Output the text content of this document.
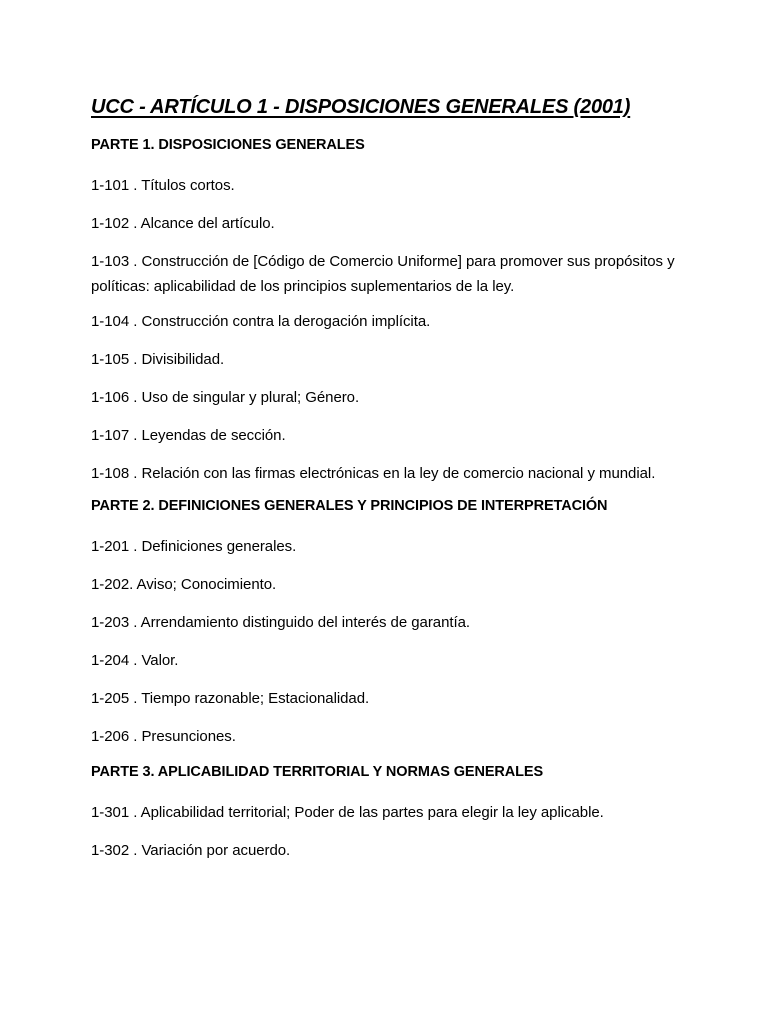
UCC - ARTÍCULO 1 - DISPOSICIONES GENERALES (2001)
PARTE 1. DISPOSICIONES GENERALES
1-101 . Títulos cortos.
1-102 . Alcance del artículo.
1-103 . Construcción de [Código de Comercio Uniforme] para promover sus propósitos y políticas: aplicabilidad de los principios suplementarios de la ley.
1-104 . Construcción contra la derogación implícita.
1-105 . Divisibilidad.
1-106 . Uso de singular y plural; Género.
1-107 . Leyendas de sección.
1-108 . Relación con las firmas electrónicas en la ley de comercio nacional y mundial.
PARTE 2. DEFINICIONES GENERALES Y PRINCIPIOS DE INTERPRETACIÓN
1-201 . Definiciones generales.
1-202. Aviso; Conocimiento.
1-203 . Arrendamiento distinguido del interés de garantía.
1-204 . Valor.
1-205 . Tiempo razonable; Estacionalidad.
1-206 . Presunciones.
PARTE 3. APLICABILIDAD TERRITORIAL Y NORMAS GENERALES
1-301 . Aplicabilidad territorial; Poder de las partes para elegir la ley aplicable.
1-302 . Variación por acuerdo.
